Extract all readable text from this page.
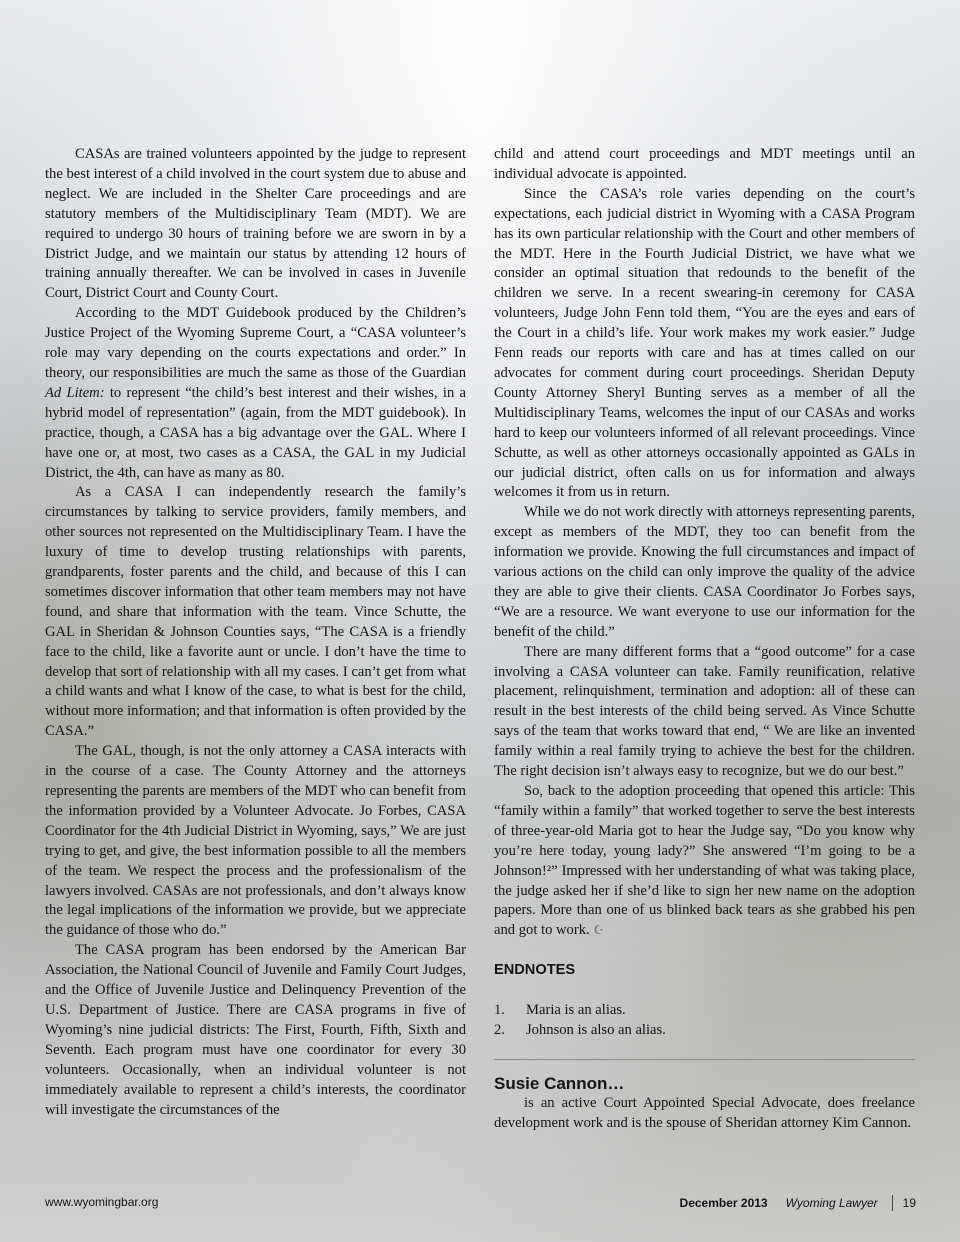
CASAs are trained volunteers appointed by the judge to represent the best interest of a child involved in the court system due to abuse and neglect. We are included in the Shelter Care proceedings and are statutory members of the Multidisciplinary Team (MDT). We are required to undergo 30 hours of training before we are sworn in by a District Judge, and we maintain our status by attending 12 hours of training annually thereafter. We can be involved in cases in Juvenile Court, District Court and County Court.

According to the MDT Guidebook produced by the Children’s Justice Project of the Wyoming Supreme Court, a “CASA volunteer’s role may vary depending on the courts expectations and order.” In theory, our responsibilities are much the same as those of the Guardian Ad Litem: to represent “the child’s best interest and their wishes, in a hybrid model of representation” (again, from the MDT guidebook). In practice, though, a CASA has a big advantage over the GAL. Where I have one or, at most, two cases as a CASA, the GAL in my Judicial District, the 4th, can have as many as 80.

As a CASA I can independently research the family’s circumstances by talking to service providers, family members, and other sources not represented on the Multidisciplinary Team. I have the luxury of time to develop trusting relationships with parents, grandparents, foster parents and the child, and because of this I can sometimes discover information that other team members may not have found, and share that information with the team. Vince Schutte, the GAL in Sheridan & Johnson Counties says, “The CASA is a friendly face to the child, like a favorite aunt or uncle. I don’t have the time to develop that sort of relationship with all my cases. I can’t get from what a child wants and what I know of the case, to what is best for the child, without more information; and that information is often provided by the CASA.”

The GAL, though, is not the only attorney a CASA interacts with in the course of a case. The County Attorney and the attorneys representing the parents are members of the MDT who can benefit from the information provided by a Volunteer Advocate. Jo Forbes, CASA Coordinator for the 4th Judicial District in Wyoming, says,” We are just trying to get, and give, the best information possible to all the members of the team. We respect the process and the professionalism of the lawyers involved. CASAs are not professionals, and don’t always know the legal implications of the information we provide, but we appreciate the guidance of those who do.”

The CASA program has been endorsed by the American Bar Association, the National Council of Juvenile and Family Court Judges, and the Office of Juvenile Justice and Delinquency Prevention of the U.S. Department of Justice. There are CASA programs in five of Wyoming’s nine judicial districts: The First, Fourth, Fifth, Sixth and Seventh. Each program must have one coordinator for every 30 volunteers. Occasionally, when an individual volunteer is not immediately available to represent a child’s interests, the coordinator will investigate the circumstances of the

child and attend court proceedings and MDT meetings until an individual advocate is appointed.

Since the CASA’s role varies depending on the court’s expectations, each judicial district in Wyoming with a CASA Program has its own particular relationship with the Court and other members of the MDT. Here in the Fourth Judicial District, we have what we consider an optimal situation that redounds to the benefit of the children we serve. In a recent swearing-in ceremony for CASA volunteers, Judge John Fenn told them, “You are the eyes and ears of the Court in a child’s life. Your work makes my work easier.” Judge Fenn reads our reports with care and has at times called on our advocates for comment during court proceedings. Sheridan Deputy County Attorney Sheryl Bunting serves as a member of all the Multidisciplinary Teams, welcomes the input of our CASAs and works hard to keep our volunteers informed of all relevant proceedings. Vince Schutte, as well as other attorneys occasionally appointed as GALs in our judicial district, often calls on us for information and always welcomes it from us in return.

While we do not work directly with attorneys representing parents, except as members of the MDT, they too can benefit from the information we provide. Knowing the full circumstances and impact of various actions on the child can only improve the quality of the advice they are able to give their clients. CASA Coordinator Jo Forbes says, “We are a resource. We want everyone to use our information for the benefit of the child.”

There are many different forms that a “good outcome” for a case involving a CASA volunteer can take. Family reunification, relative placement, relinquishment, termination and adoption: all of these can result in the best interests of the child being served. As Vince Schutte says of the team that works toward that end, “ We are like an invented family within a real family trying to achieve the best for the children. The right decision isn’t always easy to recognize, but we do our best.”

So, back to the adoption proceeding that opened this article: This “family within a family” that worked together to serve the best interests of three-year-old Maria got to hear the Judge say, “Do you know why you’re here today, young lady?” She answered “I’m going to be a Johnson!²” Impressed with her understanding of what was taking place, the judge asked her if she’d like to sign her new name on the adoption papers. More than one of us blinked back tears as she grabbed his pen and got to work. ☪

ENDNOTES
1.	Maria is an alias.
2.	Johnson is also an alias.
Susie Cannon…

is an active Court Appointed Special Advocate, does freelance development work and is the spouse of Sheridan attorney Kim Cannon.

www.wyomingbar.org	December 2013 Wyoming Lawyer 19
